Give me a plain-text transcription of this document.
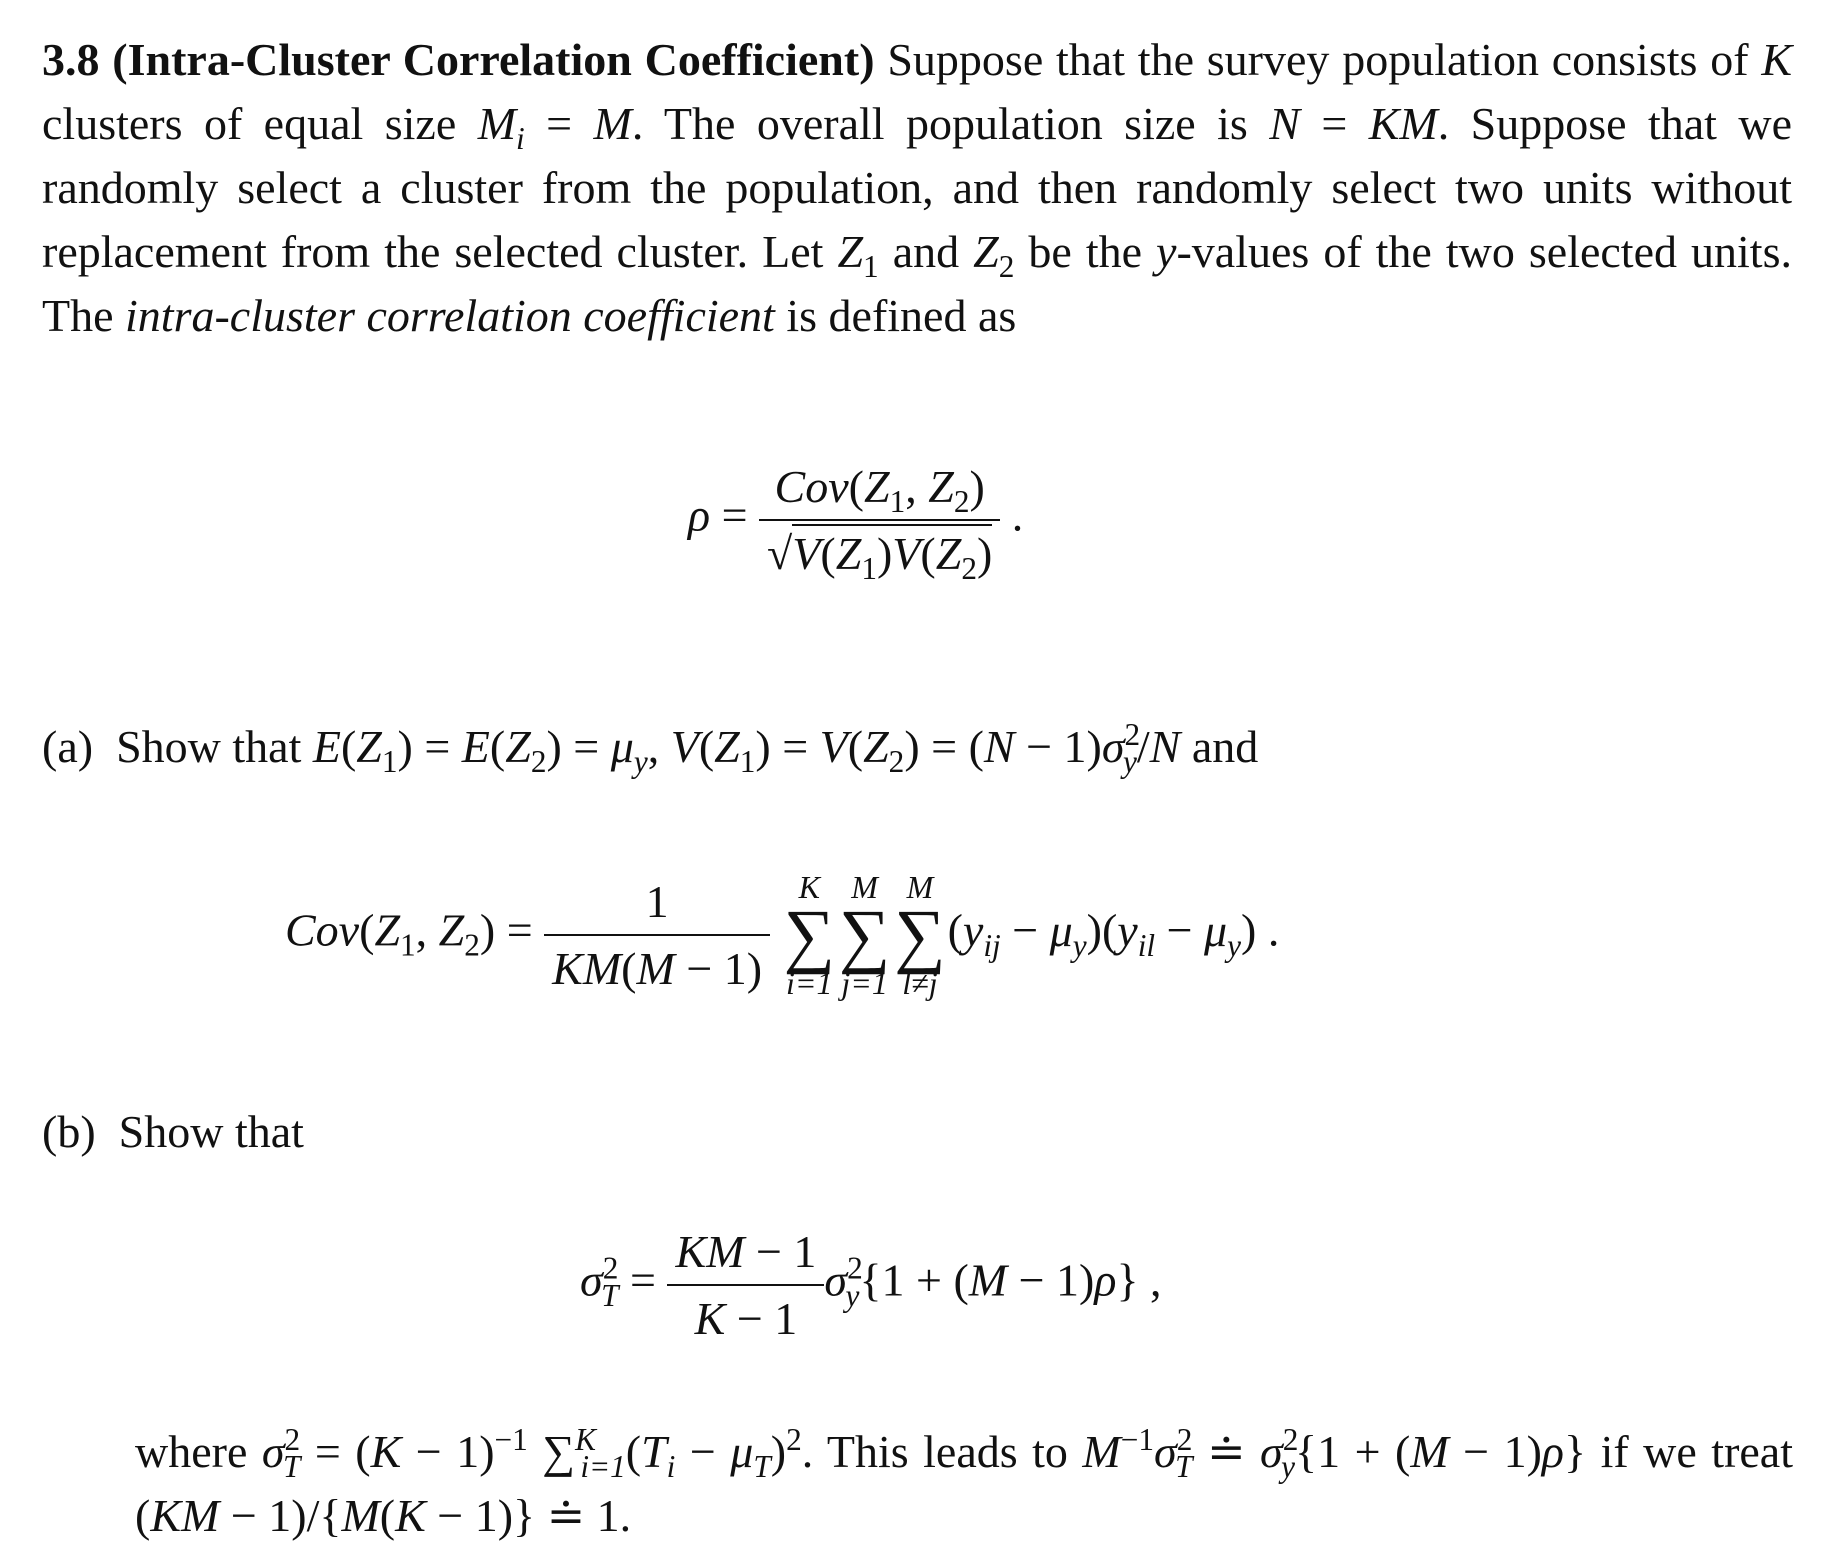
3.8 (Intra-Cluster Correlation Coefficient) Suppose that the survey population consists of K clusters of equal size $M_i = M$. The overall population size is N = KM. Suppose that we randomly select a cluster from the population, and then randomly select two units without replacement from the selected cluster. Let $Z_1$ and $Z_2$ be the y-values of the two selected units. The intra-cluster correlation coefficient is defined as
$\rho = \frac{Cov(Z_1, Z_2)}{√V(Z_1)V(Z_2)}$ .
(a) Show that $E(Z_1) = E(Z_2) = \mu_y$, $V(Z_1) = V(Z_2) = (N - 1)\sigma^2_y/N$ and
$Cov(Z_1$, $Z_2) = \frac{1}{KM(M - 1)}$
K
∑
i=1
M
∑
j=1
M
∑
l≠j
$(y_{ij} - \mu_y)(y_{il} - \mu_y)$ .
(b) Show that
$\sigma^2_T = \frac{KM - 1}{K - 1} \sigma^2_y\{1 + (M - 1)\rho\}$ ,
where $\sigma^2_T = (K - 1)^{-1}$ $\sum^K_{i=1}(T_i - \mu_T)^2$. This leads to $M^{-1}\sigma^2_T$ ≐ $\sigma^2_y\{1 + (M - 1)\rho\}$ if we treat (KM − 1)/{M(K − 1)} ≐ 1.
